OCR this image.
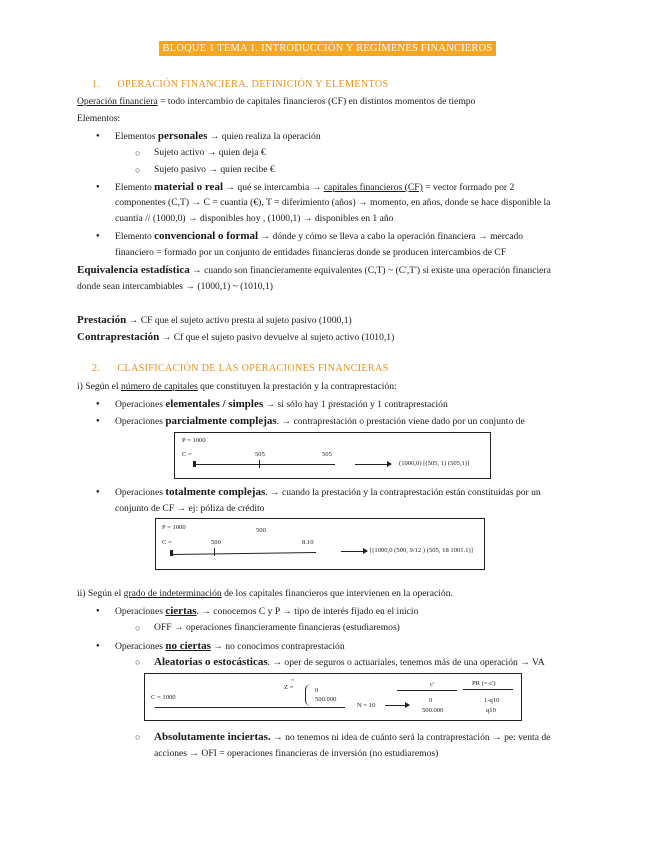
BLOQUE 1 TEMA 1. INTRODUCCIÓN Y REGÍMENES FINANCIEROS
1.      OPERACIÓN FINANCIERA. DEFINICIÓN Y ELEMENTOS
Operación financiera = todo intercambio de capitales financieros (CF) en distintos momentos de tiempo
Elementos:
● Elementos personales → quien realiza la operación
○ Sujeto activo → quien deja €
○ Sujeto pasivo → quien recibe €
● Elemento material o real → qué se intercambia → capitales financieros (CF) = vector formado por 2
componentes (C,T) → C = cuantía (€), T = diferimiento (años) → momento, en años, donde se hace disponible la
cuantía // (1000,0) → disponibles hoy , (1000,1) → disponibles en 1 año
● Elemento convencional o formal → dónde y cómo se lleva a cabo la operación financiera → mercado
financiero = formado por un conjunto de entidades financieras donde se producen intercambios de CF
Equivalencia estadística → cuando son financieramente equivalentes (C,T) ~ (C',T') si existe una operación financiera
donde sean intercambiables → (1000,1) ~ (1010,1)
Prestación → CF que el sujeto activo presta al sujeto pasivo (1000,1)
Contraprestación → Cf que el sujeto pasivo devuelve al sujeto activo (1010,1)
2.      CLASIFICACIÓN DE LAS OPERACIONES FINANCIERAS
i) Según el número de capitales que constituyen la prestación y la contraprestación:
● Operaciones elementales / simples → si sólo hay 1 prestación y 1 contraprestación
● Operaciones parcialmente complejas. → contraprestación o prestación viene dado por un conjunto de
P = 1000
C =	505	505
(1000,0) [(505, 1) (505,1)]
● Operaciones totalmente complejas. → cuando la prestación y la contraprestación están constituidas por un
conjunto de CF → ej: póliza de crédito
P = 1000	500
C =	500	8.10
[(1000,0 (500, 9/12 ) (505, 18 1001.1)]
ii) Según el grado de indeterminación de los capitales financieros que intervienen en la operación.
● Operaciones ciertas. → conocemos C y P → tipo de interés fijado en el inicio
○ OFF → operaciones financieramente financieras (estudiaremos)
● Operaciones no ciertas → no conocimos contraprestación
○ Aleatorias o estocásticas. → oper de seguros o actuariales, tenemos más de una operación → VA
C = 1000
Z =
~
0
500.000
N = 10
c'	PR (= c')
0
500.000
1-q10
q10
○ Absolutamente inciertas. → no tenemos ni idea de cuánto será la contraprestación → pe: venta de
acciones → OFI = operaciones financieras de inversión (no estudiaremos)
